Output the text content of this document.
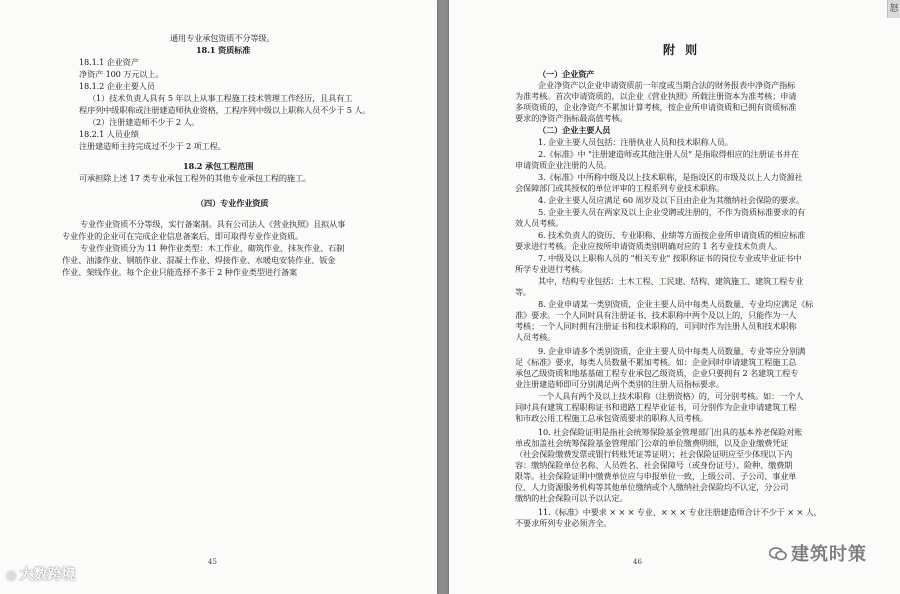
通用专业承包资质不分等级。
18.1 资质标准
18.1.1 企业资产
净资产 100 万元以上。
18.1.2 企业主要人员
（1）技术负责人具有 5 年以上从事工程施工技术管理工作经历，且具有工
程序列中级职称或注册建造师执业资格，工程序列中级以上职称人员不少于 5 人。
（2）注册建造师不少于 2 人。
18.2.1 人员业绩
注册建造师主持完成过不少于 2 项工程。
18.2 承包工程范围
可承担除上述 17 类专业承包工程外的其他专业承包工程的施工。
（四）专业作业资质
专业作业资质不分等级，实行备案制。具有公司法人《营业执照》且拟从事
专业作业的企业可在完成企业信息备案后，即可取得专业作业资质。
专业作业资质分为 11 种作业类型：木工作业、砌筑作业、抹灰作业、石制
作业、油漆作业、钢筋作业、混凝土作业、焊接作业、水暖电安装作业、钣金
作业、架线作业。每个企业只能选择不多于 2 种作业类型进行备案
45
◎ 大数跨境
附 则
（一）企业资产
企业净资产以企业申请资质前一年度或当期合法的财务报表中净资产指标
为准考核。首次申请资质的，以企业《营业执照》所载注册资本为准考核；申请
多项资质的，企业净资产不累加计算考核，按企业所申请资质和已拥有资质标准
要求的净资产指标最高值考核。
（二）企业主要人员
1. 企业主要人员包括：注册执业人员和技术职称人员。
2.《标准》中 "注册建造师或其他注册人员" 是指取得相应的注册证书并在
申请资质企业注册的人员。
3.《标准》中所称中级及以上技术职称，是指设区的市级及以上人力资源社
会保障部门或其授权的单位评审的工程系列专业技术职称。
4. 企业主要人员应满足 60 周岁及以下且由企业为其缴纳社会保险的要求。
5. 企业主要人员在两家及以上企业受聘或注册的，不作为资质标准要求的有
效人员考核。
6. 技术负责人的资历、专业职称、业绩等方面按企业所申请资质的相应标准
要求进行考核。企业应按所申请资质类别明确对应的 1 名专业技术负责人。
7. 中级及以上职称人员的 "相关专业" 按职称证书的岗位专业或毕业证书中
所学专业进行考核。
其中，结构专业包括：土木工程、工民建、结构、建筑施工、建筑工程专业
等。
8. 企业申请某一类别资质，企业主要人员中每类人员数量、专业均应满足《标
准》要求。一个人同时具有注册证书、技术职称中两个及以上的，只能作为一人
考核；一个人同时拥有注册证书和技术职称的，可同时作为注册人员和技术职称
人员考核。
9. 企业申请多个类别资质，企业主要人员中每类人员数量、专业等应分别满
足《标准》要求，每类人员数量不累加考核。如：企业同时申请建筑工程施工总
承包乙级资质和地基基础工程专业承包乙级资质，企业只要拥有 2 名建筑工程专
业注册建造师即可分别满足两个类别的注册人员指标要求。
一个人具有两个及以上技术职称（注册资格）的，可分别考核。如：一个人
同时具有建筑工程职称证书和道路工程毕业证书，可分别作为企业申请建筑工程
和市政公用工程施工总承包资质要求的职称人员考核。
10. 社会保险证明是指社会统筹保险基金管理部门出具的基本养老保险对账
单或加盖社会统筹保险基金管理部门公章的单位缴费明细，以及企业缴费凭证
（社会保险缴费发票或银行转账凭证等证明）；社会保险证明应至少体现以下内
容：缴纳保险单位名称、人员姓名、社会保障号（或身份证号）、险种、缴费期
限等。社会保险证明中缴费单位应与申报单位一致，上级公司、子公司、事业单
位、人力资源服务机构等其他单位缴纳或个人缴纳社会保险均不认定，分公司
缴纳的社会保险可以予以认定。
11.《标准》中要求 × × × 专业、× × × 专业注册建造师合计不少于 × × 人，
不要求所列专业必须齐全。
46
怒
建筑时策
